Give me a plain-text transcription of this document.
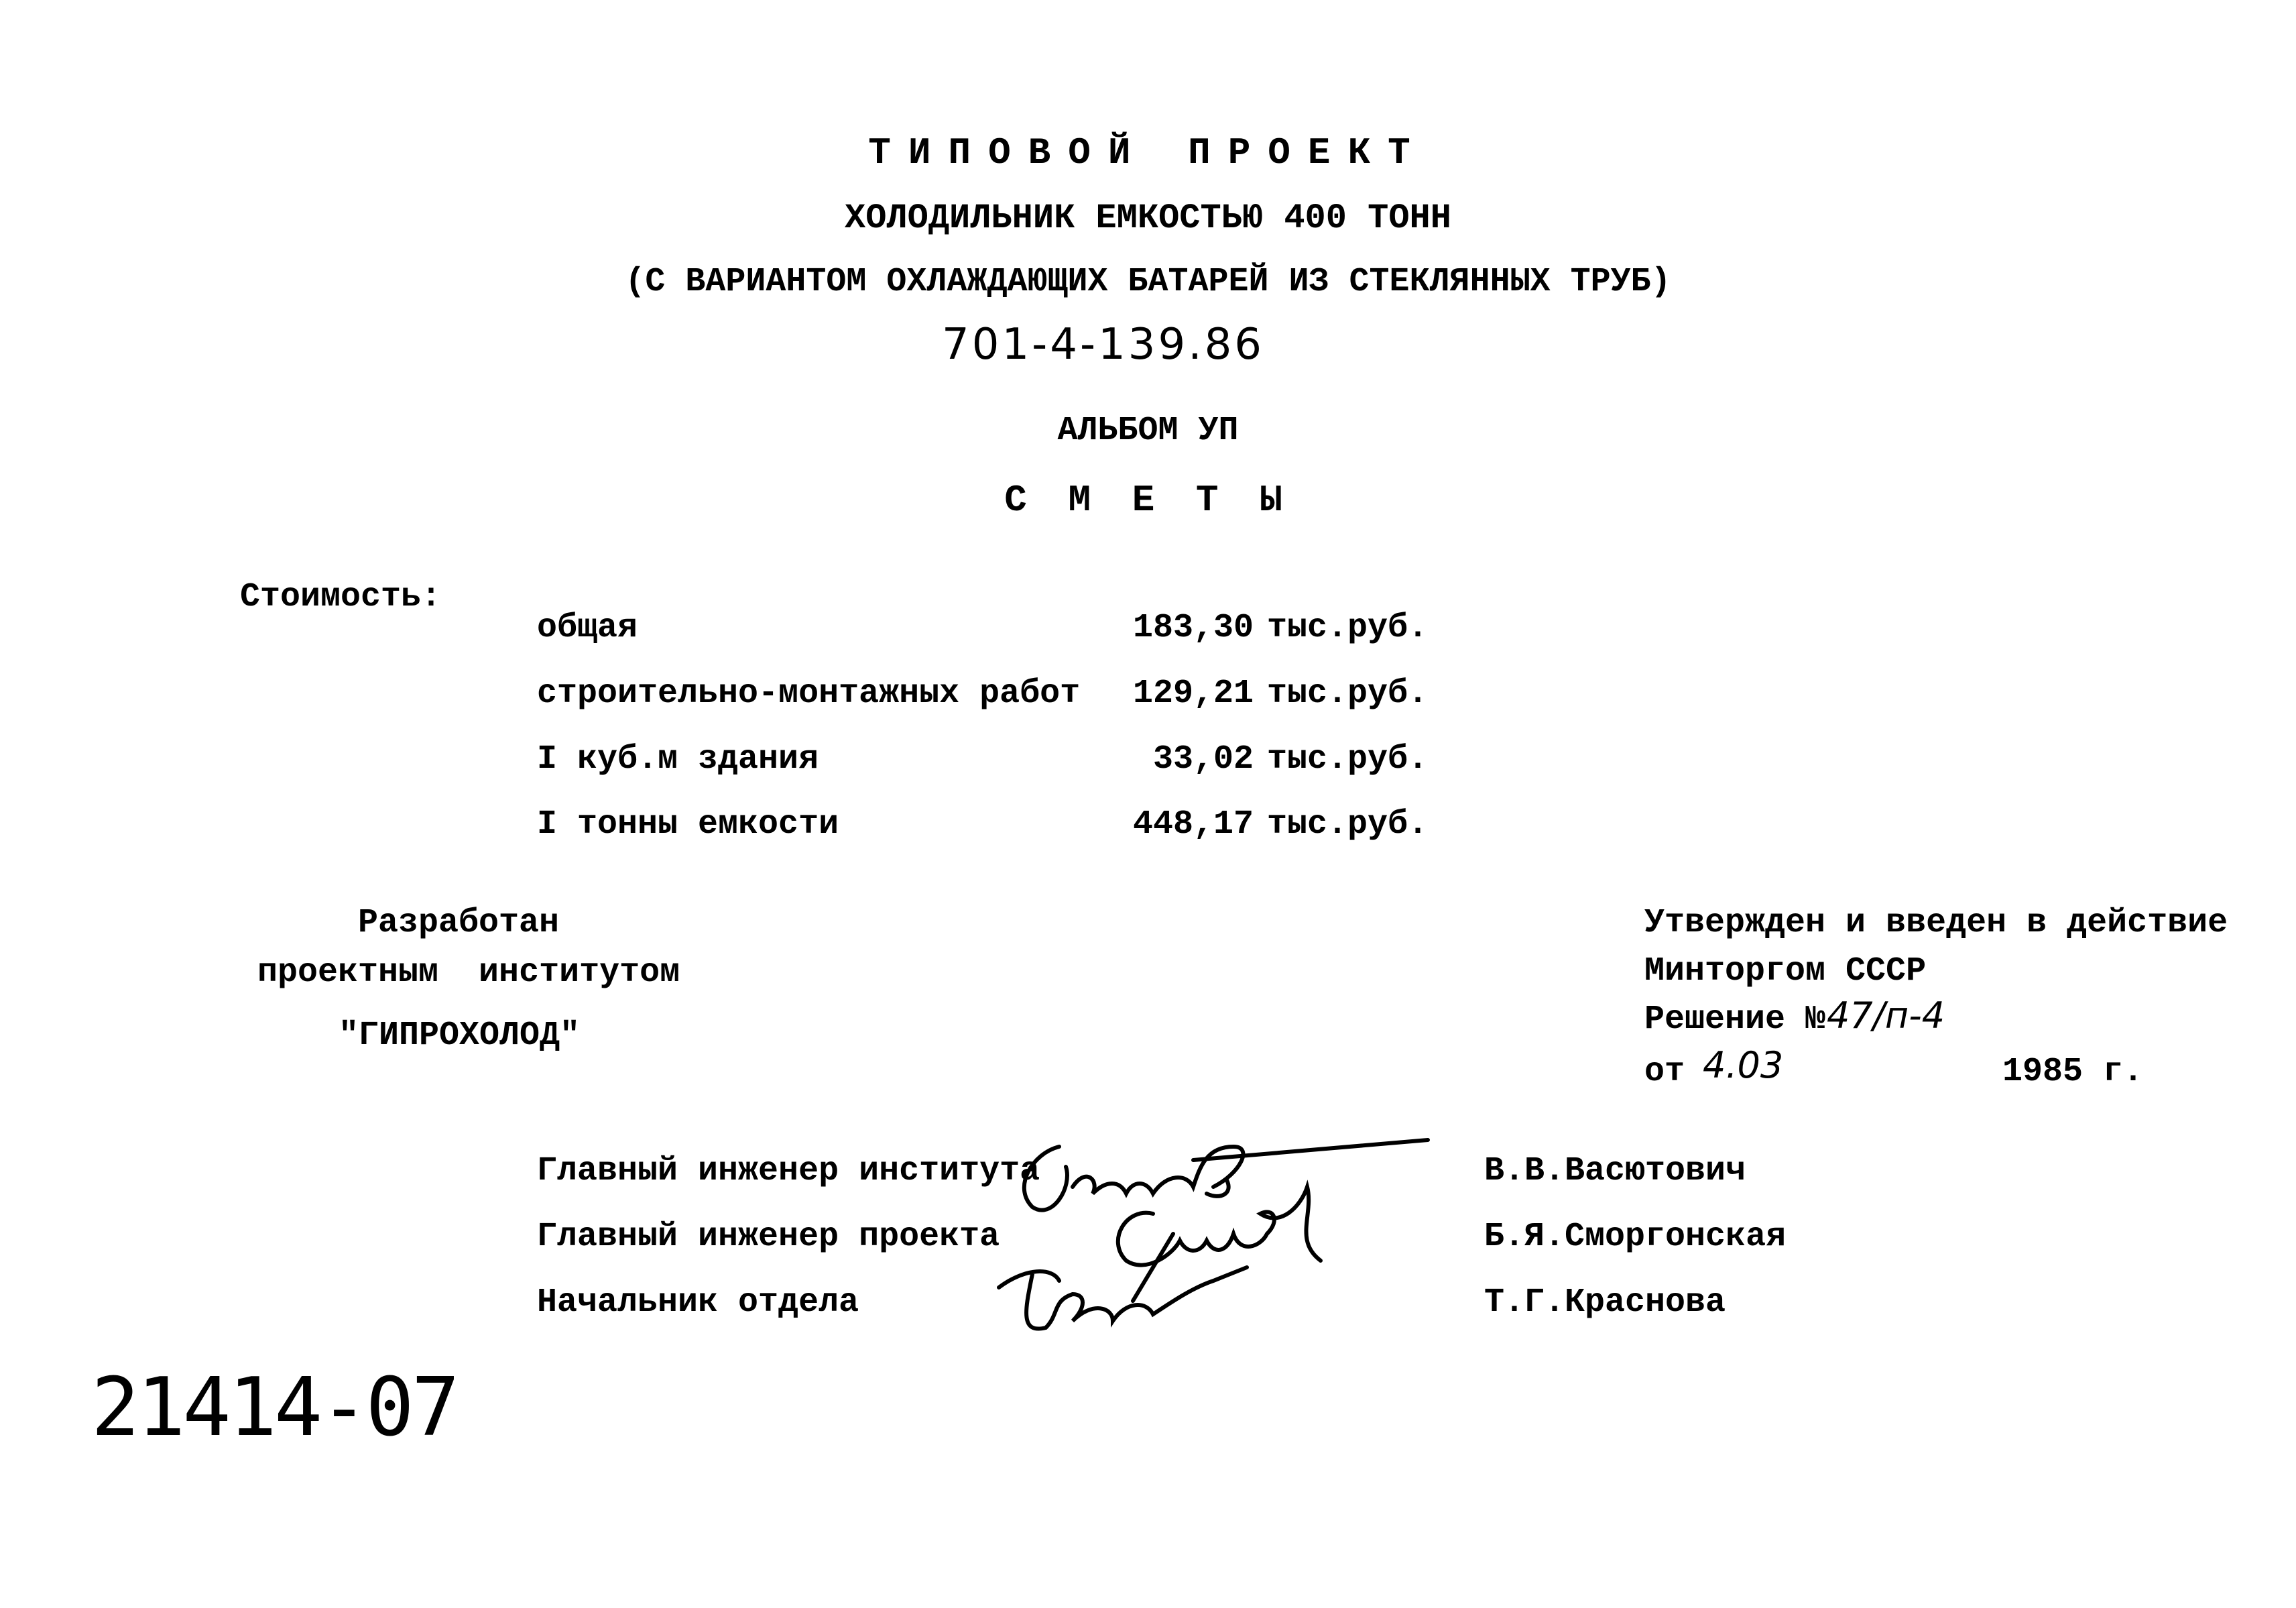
ТИПОВОЙ ПРОЕКТ
ХОЛОДИЛЬНИК ЕМКОСТЬЮ 400 ТОНН
(С ВАРИАНТОМ ОХЛАЖДАЮЩИХ БАТАРЕЙ ИЗ СТЕКЛЯННЫХ ТРУБ)
701-4-139.86
АЛЬБОМ УП
С М Е Т Ы
Стоимость:
общая	183,30 тыс.руб.
строительно-монтажных работ	129,21 тыс.руб.
I куб.м здания	33,02 тыс.руб.
I тонны емкости	448,17 тыс.руб.
Разработан
проектным  институтом
"ГИПРОХОЛОД"
Утвержден и введен в действие
Минторгом СССР
Решение № 47/п-4
от 4.03	1985 г.
Главный инженер института	В.В.Васютович
Главный инженер проекта	Б.Я.Сморгонская
Начальник отдела	Т.Г.Краснова
21414-07
